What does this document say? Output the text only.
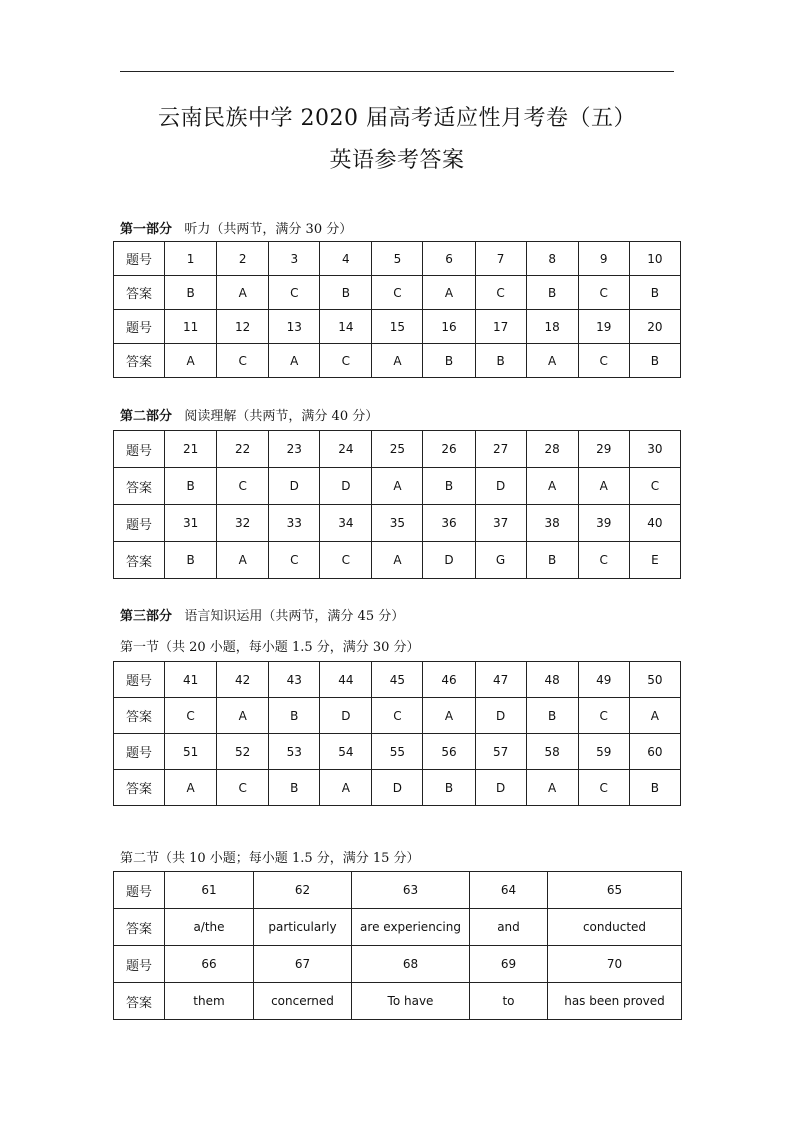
云南民族中学 2020 届高考适应性月考卷（五）
英语参考答案
第一部分 听力（共两节，满分 30 分）
题号	1	2	3	4	5	6	7	8	9	10
答案	B	A	C	B	C	A	C	B	C	B
题号	11	12	13	14	15	16	17	18	19	20
答案	A	C	A	C	A	B	B	A	C	B
第二部分 阅读理解（共两节，满分 40 分）
题号	21	22	23	24	25	26	27	28	29	30
答案	B	C	D	D	A	B	D	A	A	C
题号	31	32	33	34	35	36	37	38	39	40
答案	B	A	C	C	A	D	G	B	C	E
第三部分 语言知识运用（共两节，满分 45 分）
第一节（共 20 小题，每小题 1.5 分，满分 30 分）
题号	41	42	43	44	45	46	47	48	49	50
答案	C	A	B	D	C	A	D	B	C	A
题号	51	52	53	54	55	56	57	58	59	60
答案	A	C	B	A	D	B	D	A	C	B
第二节（共 10 小题；每小题 1.5 分，满分 15 分）
题号	61	62	63	64	65
答案	a/the	particularly	are experiencing	and	conducted
题号	66	67	68	69	70
答案	them	concerned	To have	to	has been proved
